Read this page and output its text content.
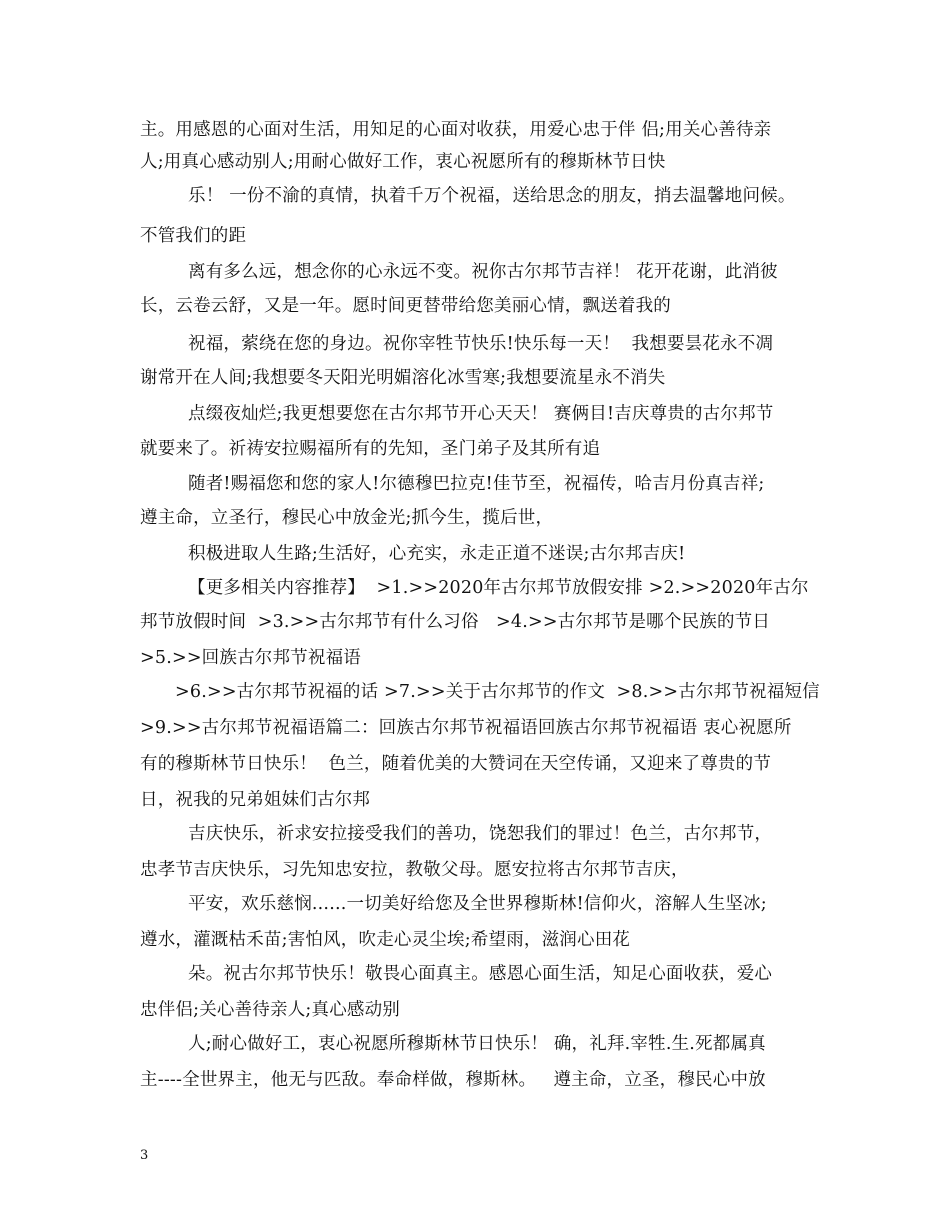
主。用感恩的心面对生活，用知足的心面对收获，用爱心忠于伴 侣;用关心善待亲
人;用真心感动别人;用耐心做好工作，衷心祝愿所有的穆斯林节日快
乐！ 一份不渝的真情，执着千万个祝福，送给思念的朋友，捎去温馨地问候。
不管我们的距
离有多么远，想念你的心永远不变。祝你古尔邦节吉祥！ 花开花谢，此消彼
长，云卷云舒，又是一年。愿时间更替带给您美丽心情，飘送着我的
祝福，萦绕在您的身边。祝你宰牲节快乐!快乐每一天！  我想要昙花永不凋
谢常开在人间;我想要冬天阳光明媚溶化冰雪寒;我想要流星永不消失
点缀夜灿烂;我更想要您在古尔邦节开心天天！ 赛俩目!吉庆尊贵的古尔邦节
就要来了。祈祷安拉赐福所有的先知，圣门弟子及其所有追
随者!赐福您和您的家人!尔德穆巴拉克!佳节至，祝福传，哈吉月份真吉祥;
遵主命，立圣行，穆民心中放金光;抓今生，揽后世，
积极进取人生路;生活好，心充实，永走正道不迷误;古尔邦吉庆!
【更多相关内容推荐】  >1.>>2020年古尔邦节放假安排 >2.>>2020年古尔
邦节放假时间  >3.>>古尔邦节有什么习俗   >4.>>古尔邦节是哪个民族的节日
>5.>>回族古尔邦节祝福语
>6.>>古尔邦节祝福的话 >7.>>关于古尔邦节的作文  >8.>>古尔邦节祝福短信
>9.>>古尔邦节祝福语篇二：回族古尔邦节祝福语回族古尔邦节祝福语 衷心祝愿所
有的穆斯林节日快乐！  色兰，随着优美的大赞词在天空传诵，又迎来了尊贵的节
日，祝我的兄弟姐妹们古尔邦
吉庆快乐，祈求安拉接受我们的善功，饶恕我们的罪过！色兰，古尔邦节，
忠孝节吉庆快乐，习先知忠安拉，教敬父母。愿安拉将古尔邦节吉庆，
平安，欢乐慈悯......一切美好给您及全世界穆斯林!信仰火，溶解人生坚冰;
遵水，灌溉枯禾苗;害怕风，吹走心灵尘埃;希望雨，滋润心田花
朵。祝古尔邦节快乐！敬畏心面真主。感恩心面生活，知足心面收获，爱心
忠伴侣;关心善待亲人;真心感动别
人;耐心做好工，衷心祝愿所穆斯林节日快乐！ 确，礼拜.宰牲.生.死都属真
主----全世界主，他无与匹敌。奉命样做，穆斯林。   遵主命，立圣，穆民心中放
3
